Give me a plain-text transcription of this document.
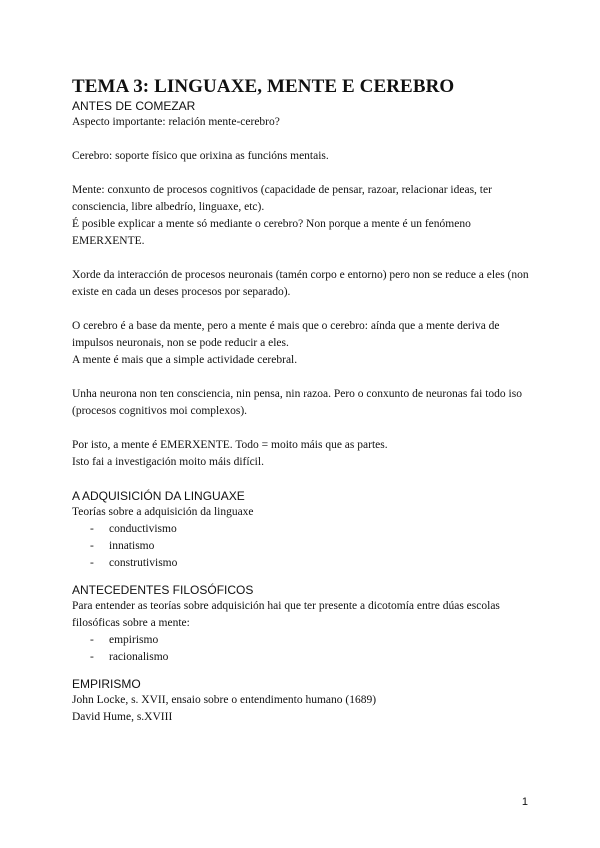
TEMA 3: LINGUAXE, MENTE E CEREBRO
ANTES DE COMEZAR

Aspecto importante: relación mente-cerebro?

Cerebro: soporte físico que orixina as funcións mentais.

Mente: conxunto de procesos cognitivos (capacidade de pensar, razoar, relacionar ideas, ter consciencia, libre albedrío, linguaxe, etc).

É posible explicar a mente só mediante o cerebro? Non porque a mente é un fenómeno EMERXENTE.

Xorde da interacción de procesos neuronais (tamén corpo e entorno) pero non se reduce a eles (non existe en cada un deses procesos por separado).

O cerebro é a base da mente, pero a mente é mais que o cerebro: aínda que a mente deriva de impulsos neuronais, non se pode reducir a eles.

A mente é mais que a simple actividade cerebral.

Unha neurona non ten consciencia, nin pensa, nin razoa. Pero o conxunto de neuronas fai todo iso (procesos cognitivos moi complexos).

Por isto, a mente é EMERXENTE. Todo = moito máis que as partes.

Isto fai a investigación moito máis difícil.

A ADQUISICIÓN DA LINGUAXE

Teorías sobre a adquisición da linguaxe

- conductivismo
- innatismo
- construtivismo
ANTECEDENTES FILOSÓFICOS

Para entender as teorías sobre adquisición hai que ter presente a dicotomía entre dúas escolas filosóficas sobre a mente:

- empirismo
- racionalismo
EMPIRISMO

John Locke, s. XVII, ensaio sobre o entendimento humano (1689)

David Hume, s.XVIII

1
